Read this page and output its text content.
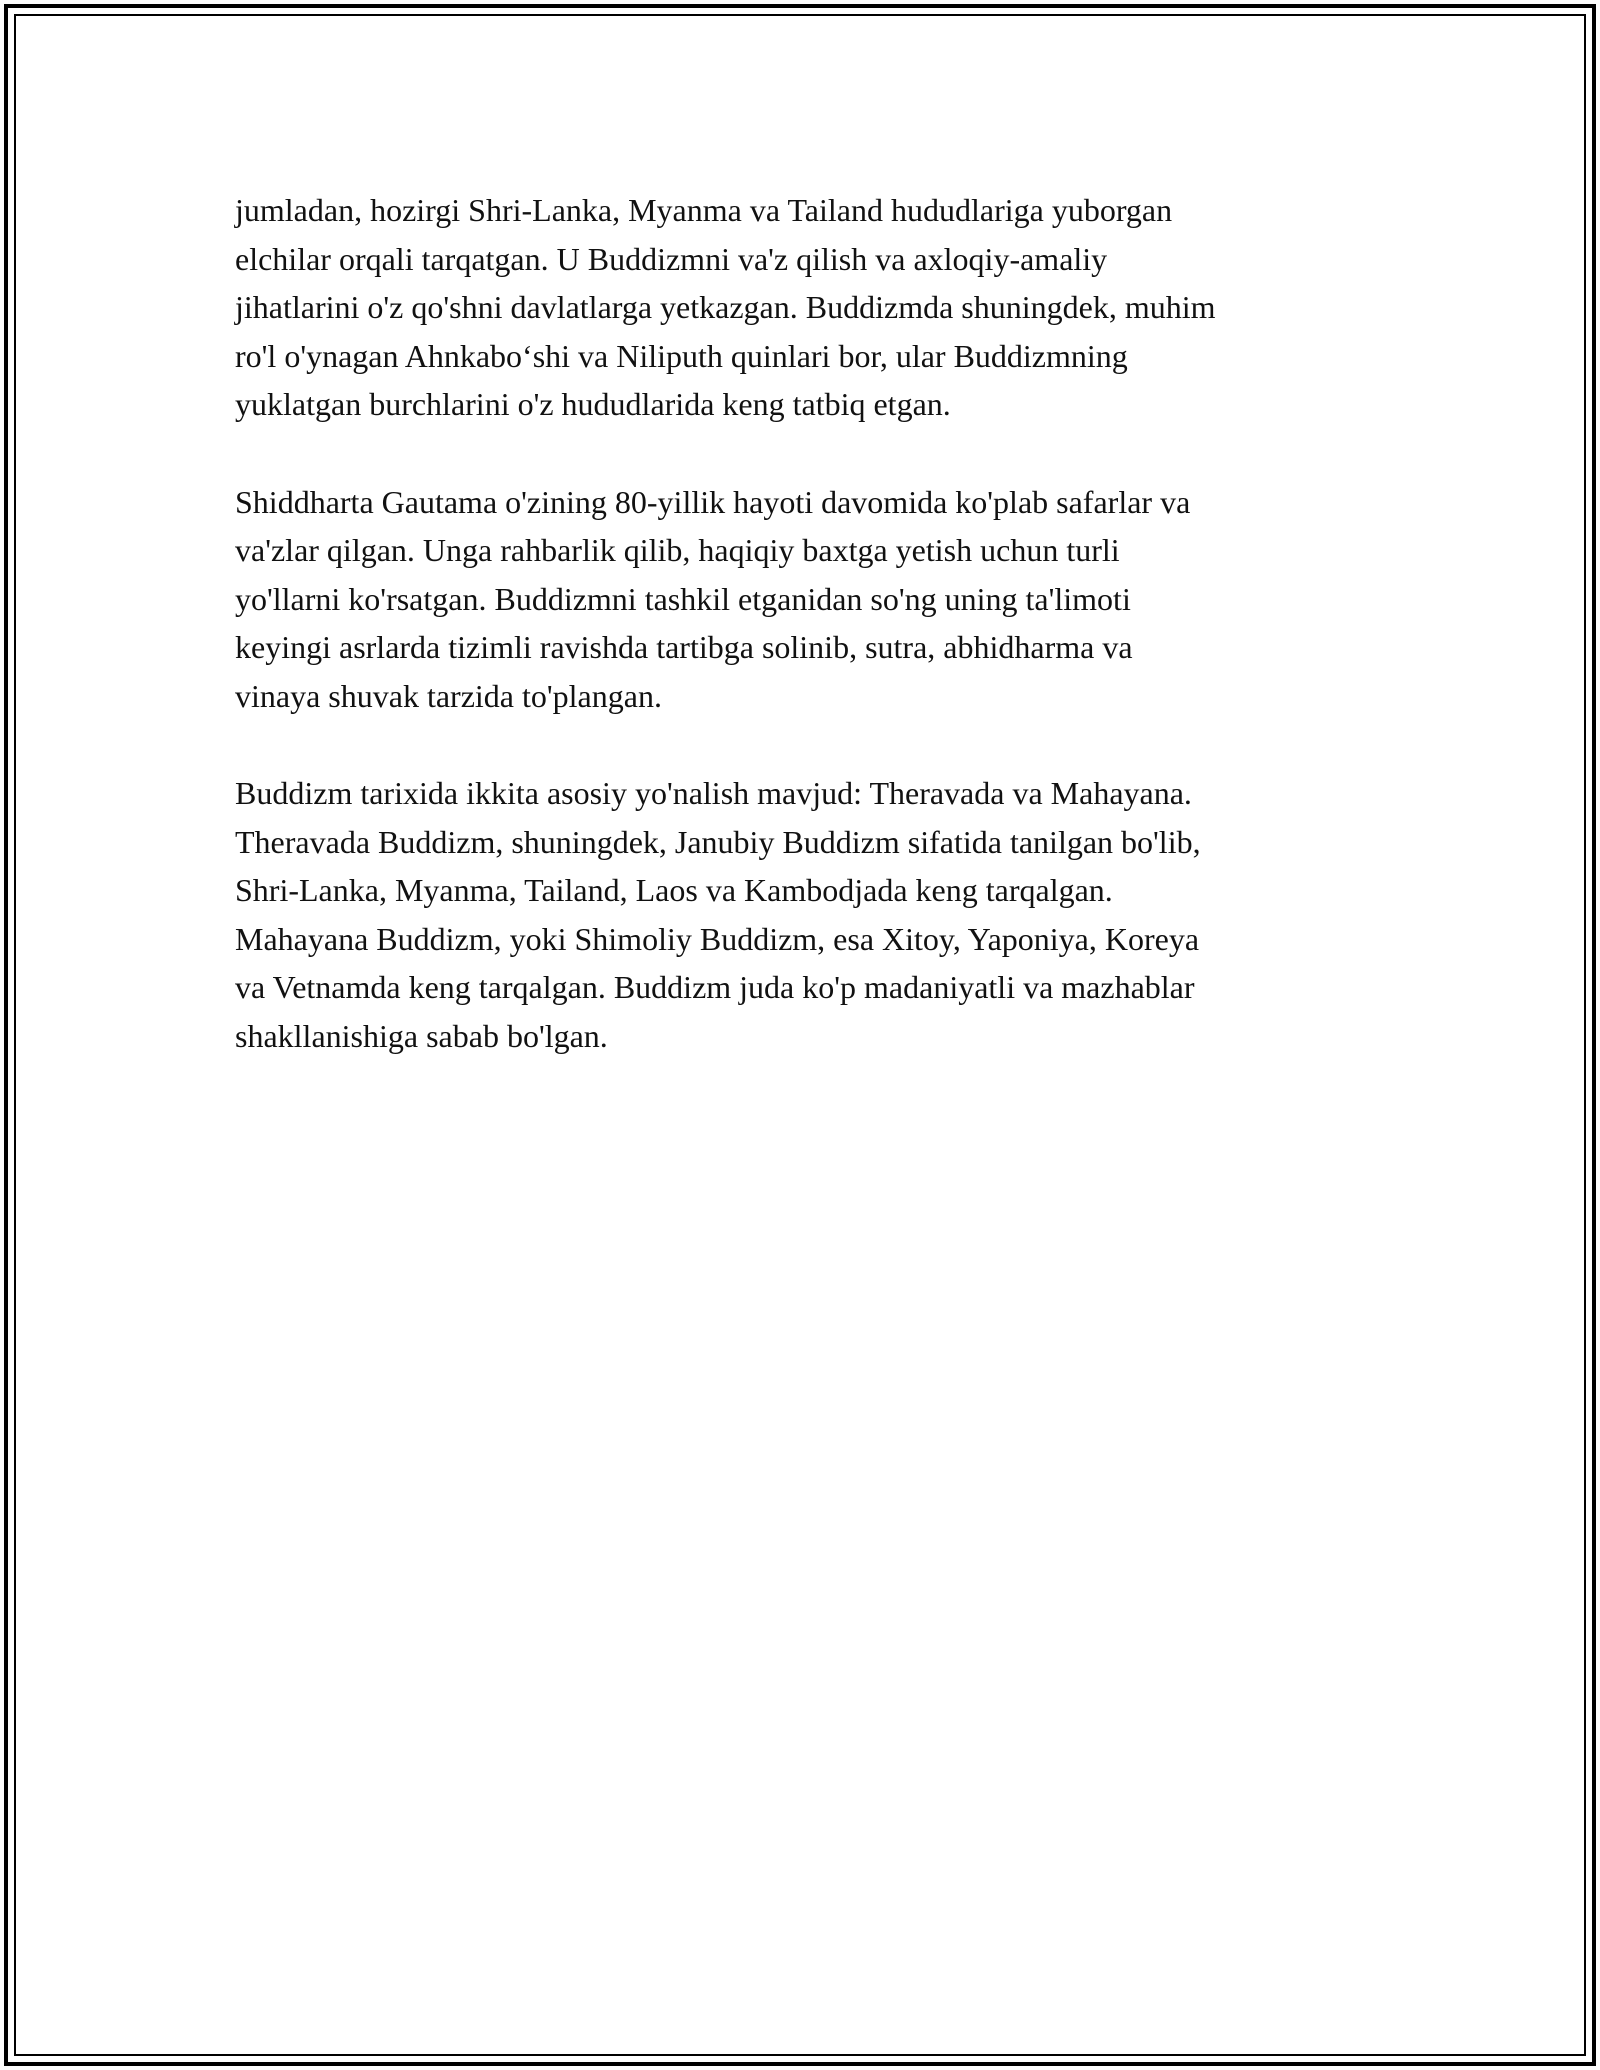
jumladan, hozirgi Shri-Lanka, Myanma va Tailand hududlariga yuborgan
elchilar orqali tarqatgan. U Buddizmni va'z qilish va axloqiy-amaliy
jihatlarini o'z qo'shni davlatlarga yetkazgan. Buddizmda shuningdek, muhim
ro'l o'ynagan Ahnkabo‘shi va Niliputh quinlari bor, ular Buddizmning
yuklatgan burchlarini o'z hududlarida keng tatbiq etgan.

Shiddharta Gautama o'zining 80-yillik hayoti davomida ko'plab safarlar va
va'zlar qilgan. Unga rahbarlik qilib, haqiqiy baxtga yetish uchun turli
yo'llarni ko'rsatgan. Buddizmni tashkil etganidan so'ng uning ta'limoti
keyingi asrlarda tizimli ravishda tartibga solinib, sutra, abhidharma va
vinaya shuvak tarzida to'plangan.

Buddizm tarixida ikkita asosiy yo'nalish mavjud: Theravada va Mahayana.
Theravada Buddizm, shuningdek, Janubiy Buddizm sifatida tanilgan bo'lib,
Shri-Lanka, Myanma, Tailand, Laos va Kambodjada keng tarqalgan.
Mahayana Buddizm, yoki Shimoliy Buddizm, esa Xitoy, Yaponiya, Koreya
va Vetnamda keng tarqalgan. Buddizm juda ko'p madaniyatli va mazhablar
shakllanishiga sabab bo'lgan.
